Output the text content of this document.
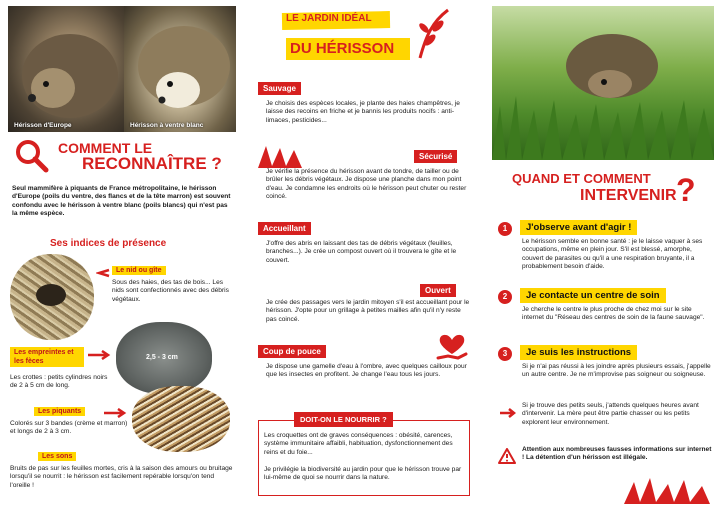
Hérisson d'Europe	Hérisson à ventre blanc
COMMENT LE
RECONNAÎTRE ?

Seul mammifère à piquants de France métropolitaine, le hérisson d'Europe (poils du ventre, des flancs et de la tête marron) est souvent confondu avec le hérisson à ventre blanc (poils blancs) qui n'est pas la même espèce.

Ses indices de présence
Le nid ou gîte

Sous des haies, des tas de bois... Les nids sont confectionnés avec des débris végétaux.

2,5 - 3 cm
Les empreintes et les fèces

Les crottes : petits cylindres noirs de 2 à 5 cm de long.

Les piquants

Colorés sur 3 bandes (crème et marron) et longs de 2 à 3 cm.

Les sons

Bruits de pas sur les feuilles mortes, cris à la saison des amours ou bruitage lorsqu'il se nourrit : le hérisson est facilement repérable lorsqu'on tend l'oreille !

LE JARDIN IDÉAL
DU HÉRISSON
Sauvage

Je choisis des espèces locales, je plante des haies champêtres, je laisse des recoins en friche et je bannis les produits nocifs : anti-limaces, pesticides...

Sécurisé

Je vérifie la présence du hérisson avant de tondre, de tailler ou de brûler les débris végétaux. Je dispose une planche dans mon point d'eau. Je condamne les endroits où le hérisson peut chuter ou rester coincé.

Accueillant

J'offre des abris en laissant des tas de débris végétaux (feuilles, branches...). Je crée un compost ouvert où il trouvera le gîte et le couvert.

Ouvert

Je crée des passages vers le jardin mitoyen s'il est accueillant pour le hérisson. J'opte pour un grillage à petites mailles afin qu'il n'y reste pas coincé.

Coup de pouce

Je dispose une gamelle d'eau à l'ombre, avec quelques cailloux pour que les insectes en profitent. Je change l'eau tous les jours.

DOIT-ON LE NOURRIR ?

Les croquettes ont de graves conséquences : obésité, carences, système immunitaire affaibli, habituation, dysfonctionnement des reins et du foie...

Je privilégie la biodiversité au jardin pour que le hérisson trouve par lui-même de quoi se nourrir dans la nature.

QUAND ET COMMENT
INTERVENIR ?
1	J'observe avant d'agir !

Le hérisson semble en bonne santé : je le laisse vaquer à ses occupations, même en plein jour. S'il est blessé, amorphe, couvert de parasites ou qu'il a une respiration bruyante, il a probablement besoin d'aide.

2	Je contacte un centre de soin

Je cherche le centre le plus proche de chez moi sur le site internet du "Réseau des centres de soin de la faune sauvage".

3	Je suis les instructions

Si je n'ai pas réussi à les joindre après plusieurs essais, j'appelle un autre centre. Je ne m'improvise pas soigneur ou soigneuse.

Si je trouve des petits seuls, j'attends quelques heures avant d'intervenir. La mère peut être partie chasser ou les petits explorent leur environnement.

Attention aux nombreuses fausses informations sur internet ! La détention d'un hérisson est illégale.
